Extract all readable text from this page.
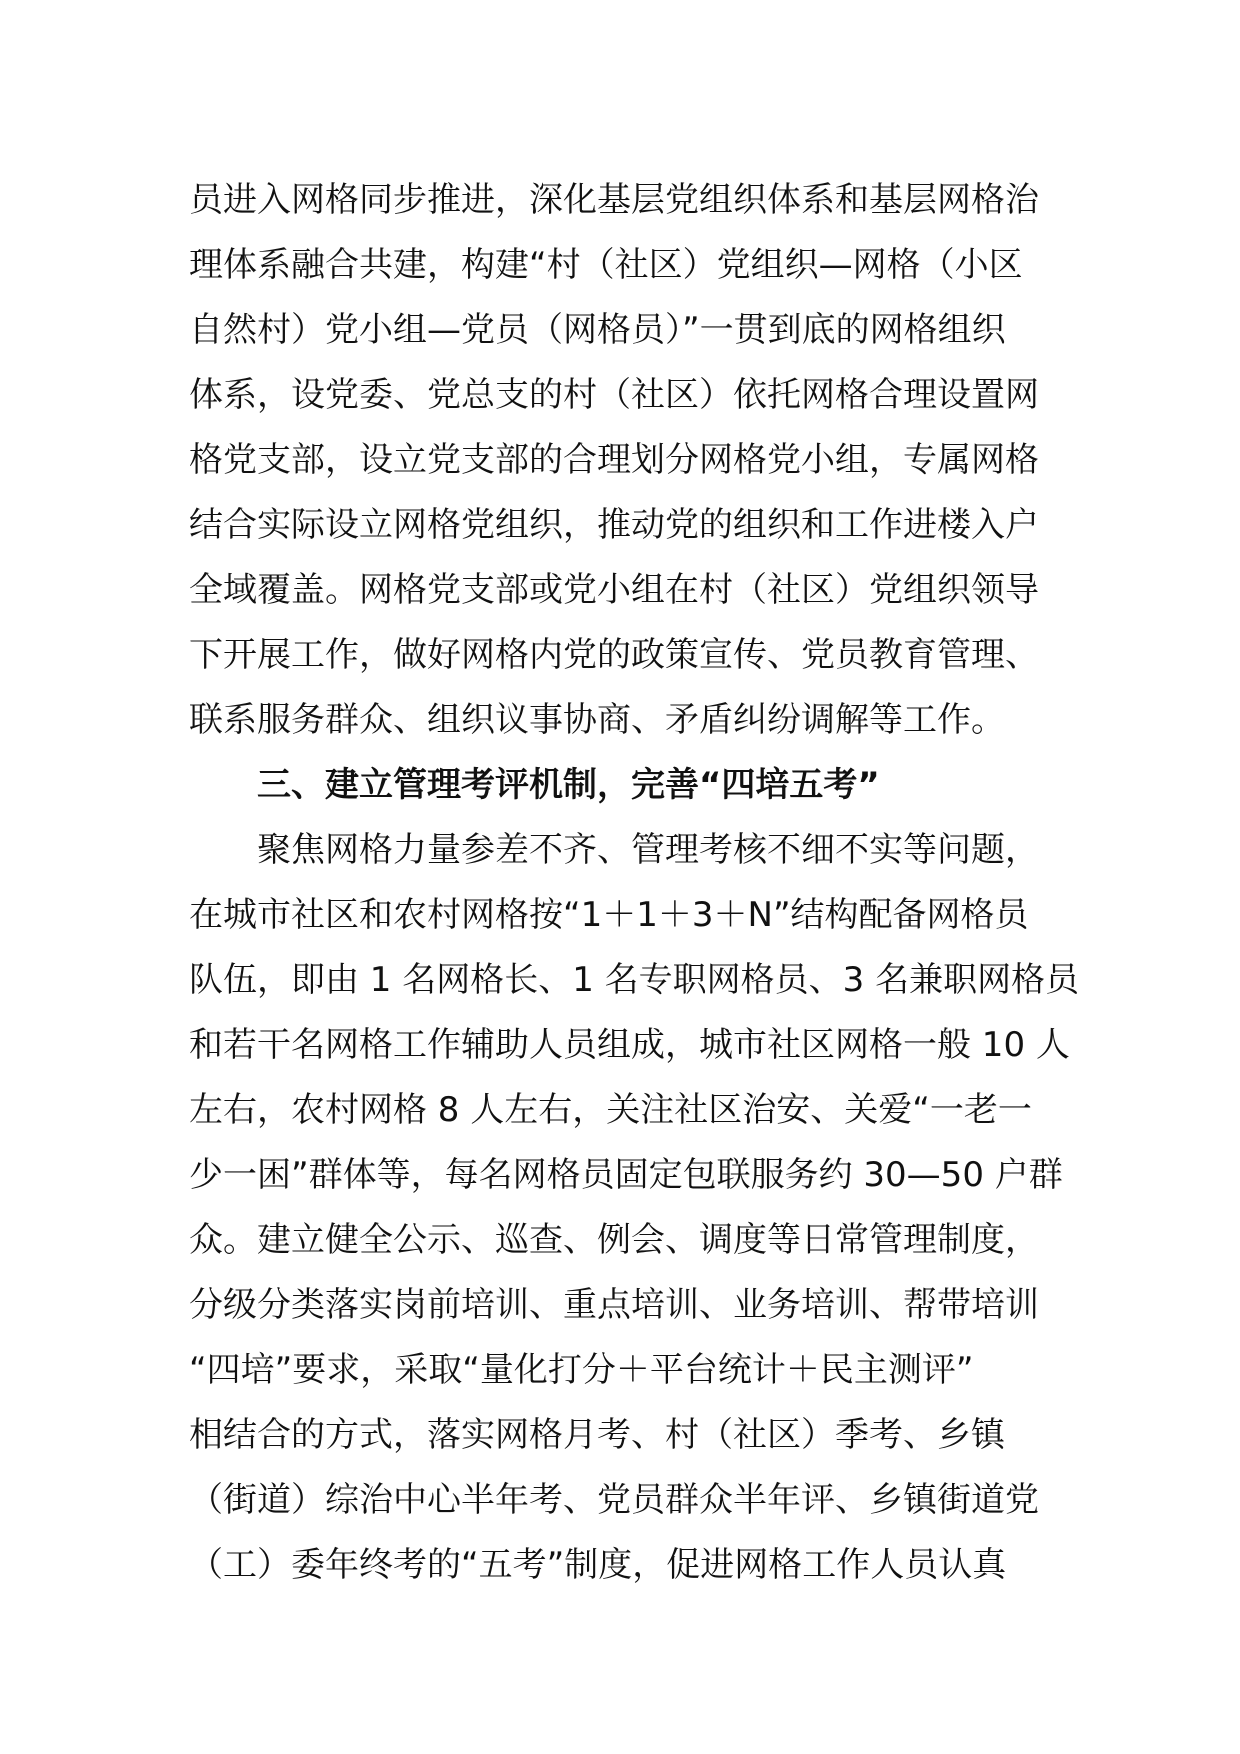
员进入网格同步推进，深化基层党组织体系和基层网格治
理体系融合共建，构建“村（社区）党组织—网格（小区
自然村）党小组—党员（网格员）”一贯到底的网格组织
体系，设党委、党总支的村（社区）依托网格合理设置网
格党支部，设立党支部的合理划分网格党小组，专属网格
结合实际设立网格党组织，推动党的组织和工作进楼入户
全域覆盖。网格党支部或党小组在村（社区）党组织领导
下开展工作，做好网格内党的政策宣传、党员教育管理、
联系服务群众、组织议事协商、矛盾纠纷调解等工作。
三、建立管理考评机制，完善“四培五考”
聚焦网格力量参差不齐、管理考核不细不实等问题，
在城市社区和农村网格按“1＋1＋3＋N”结构配备网格员
队伍，即由 1 名网格长、1 名专职网格员、3 名兼职网格员
和若干名网格工作辅助人员组成，城市社区网格一般 10 人
左右，农村网格 8 人左右，关注社区治安、关爱“一老一
少一困”群体等，每名网格员固定包联服务约 30—50 户群
众。建立健全公示、巡查、例会、调度等日常管理制度，
分级分类落实岗前培训、重点培训、业务培训、帮带培训
“四培”要求，采取“量化打分＋平台统计＋民主测评”
相结合的方式，落实网格月考、村（社区）季考、乡镇
（街道）综治中心半年考、党员群众半年评、乡镇街道党
（工）委年终考的“五考”制度，促进网格工作人员认真
